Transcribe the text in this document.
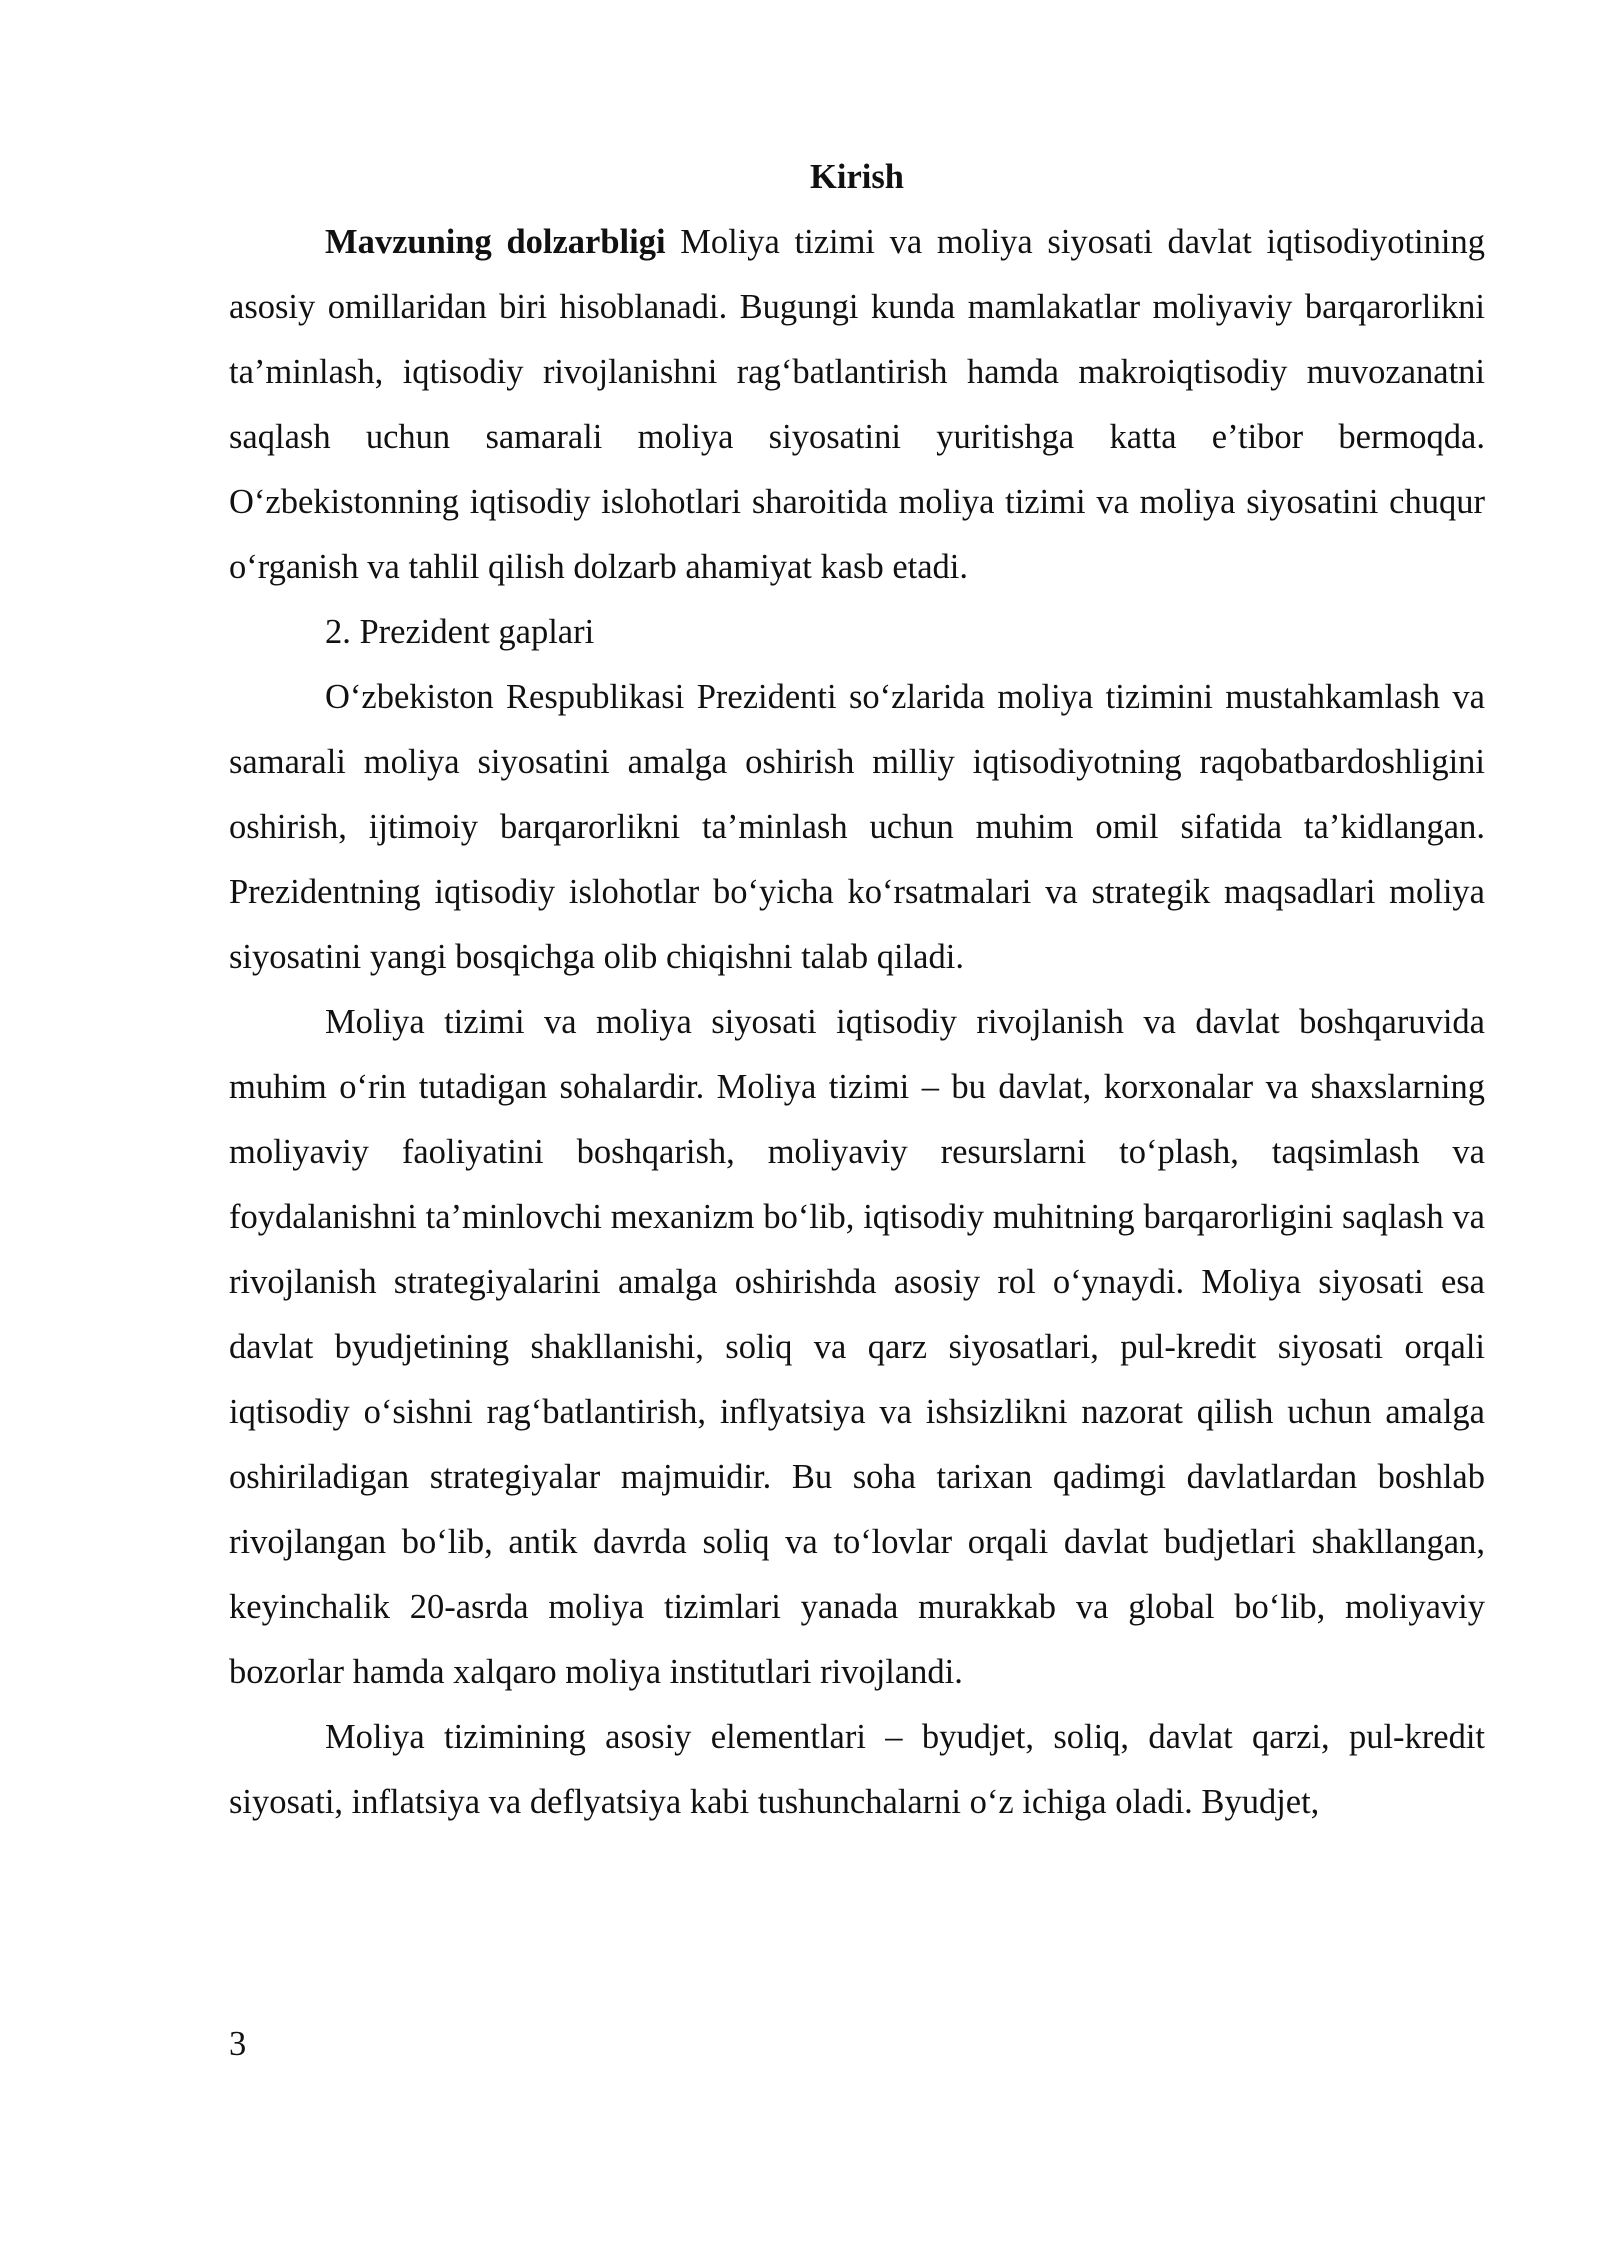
Kirish

Mavzuning dolzarbligi Moliya tizimi va moliya siyosati davlat iqtisodiyotining asosiy omillaridan biri hisoblanadi. Bugungi kunda mamlakatlar moliyaviy barqarorlikni ta’minlash, iqtisodiy rivojlanishni rag‘batlantirish hamda makroiqtisodiy muvozanatni saqlash uchun samarali moliya siyosatini yuritishga katta e’tibor bermoqda. O‘zbekistonning iqtisodiy islohotlari sharoitida moliya tizimi va moliya siyosatini chuqur o‘rganish va tahlil qilish dolzarb ahamiyat kasb etadi.

2. Prezident gaplari

O‘zbekiston Respublikasi Prezidenti so‘zlarida moliya tizimini mustahkamlash va samarali moliya siyosatini amalga oshirish milliy iqtisodiyotning raqobatbardoshligini oshirish, ijtimoiy barqarorlikni ta’minlash uchun muhim omil sifatida ta’kidlangan. Prezidentning iqtisodiy islohotlar bo‘yicha ko‘rsatmalari va strategik maqsadlari moliya siyosatini yangi bosqichga olib chiqishni talab qiladi.

Moliya tizimi va moliya siyosati iqtisodiy rivojlanish va davlat boshqaruvida muhim o‘rin tutadigan sohalardir. Moliya tizimi – bu davlat, korxonalar va shaxslarning moliyaviy faoliyatini boshqarish, moliyaviy resurslarni to‘plash, taqsimlash va foydalanishni ta’minlovchi mexanizm bo‘lib, iqtisodiy muhitning barqarorligini saqlash va rivojlanish strategiyalarini amalga oshirishda asosiy rol o‘ynaydi. Moliya siyosati esa davlat byudjetining shakllanishi, soliq va qarz siyosatlari, pul-kredit siyosati orqali iqtisodiy o‘sishni rag‘batlantirish, inflyatsiya va ishsizlikni nazorat qilish uchun amalga oshiriladigan strategiyalar majmuidir. Bu soha tarixan qadimgi davlatlardan boshlab rivojlangan bo‘lib, antik davrda soliq va to‘lovlar orqali davlat budjetlari shakllangan, keyinchalik 20-asrda moliya tizimlari yanada murakkab va global bo‘lib, moliyaviy bozorlar hamda xalqaro moliya institutlari rivojlandi.

Moliya tizimining asosiy elementlari – byudjet, soliq, davlat qarzi, pul-kredit siyosati, inflatsiya va deflyatsiya kabi tushunchalarni o‘z ichiga oladi. Byudjet,

3
